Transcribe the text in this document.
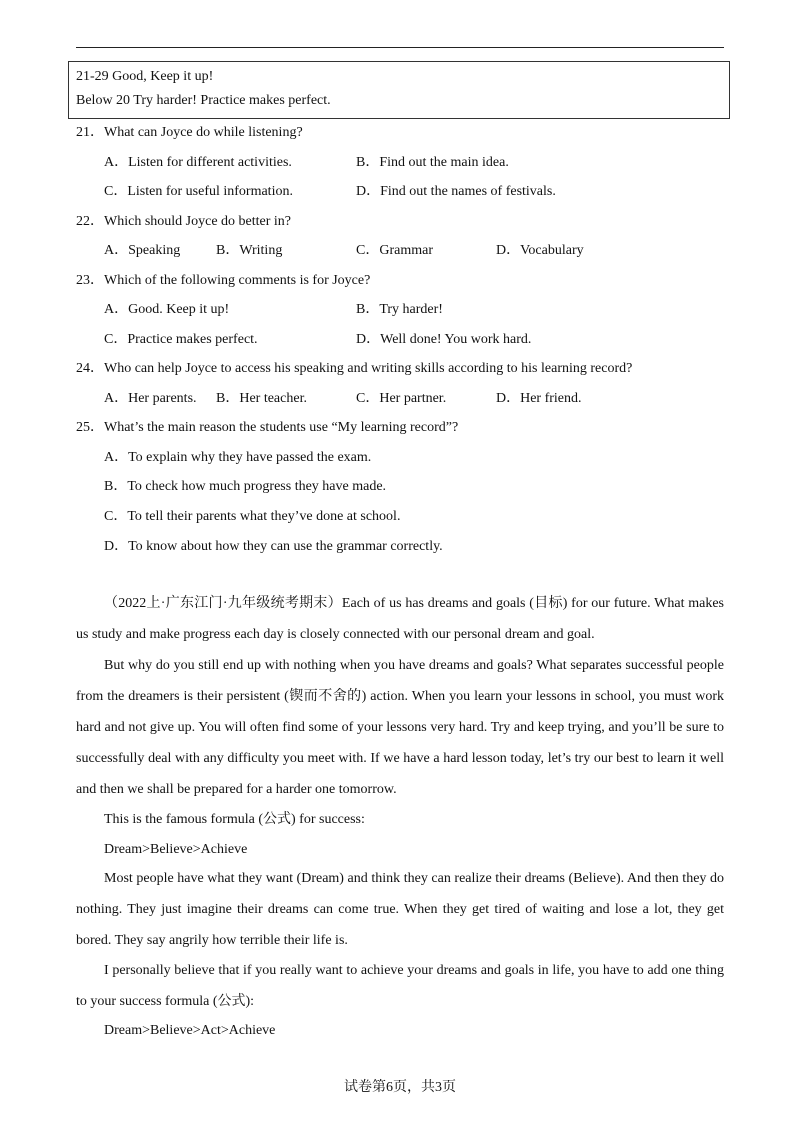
21-29 Good, Keep it up!
Below 20 Try harder! Practice makes perfect.
21．What can Joyce do while listening?
A．Listen for different activities.	B．Find out the main idea.
C．Listen for useful information.	D．Find out the names of festivals.
22．Which should Joyce do better in?
A．Speaking	B．Writing	C．Grammar	D．Vocabulary
23．Which of the following comments is for Joyce?
A．Good. Keep it up!	B．Try harder!
C．Practice makes perfect.	D．Well done! You work hard.
24．Who can help Joyce to access his speaking and writing skills according to his learning record?
A．Her parents. B．Her teacher.	C．Her partner.	D．Her friend.
25．What’s the main reason the students use “My learning record”?
A．To explain why they have passed the exam.
B．To check how much progress they have made.
C．To tell their parents what they’ve done at school.
D．To know about how they can use the grammar correctly.

（2022上·广东江门·九年级统考期末）Each of us has dreams and goals (目标) for our future. What makes us study and make progress each day is closely connected with our personal dream and goal.

But why do you still end up with nothing when you have dreams and goals? What separates successful people from the dreamers is their persistent (锲而不舍的) action. When you learn your lessons in school, you must work hard and not give up. You will often find some of your lessons very hard. Try and keep trying, and you’ll be sure to successfully deal with any difficulty you meet with. If we have a hard lesson today, let’s try our best to learn it well and then we shall be prepared for a harder one tomorrow.

This is the famous formula (公式) for success:
Dream>Believe>Achieve

Most people have what they want (Dream) and think they can realize their dreams (Believe). And then they do nothing. They just imagine their dreams can come true. When they get tired of waiting and lose a lot, they get bored. They say angrily how terrible their life is.

I personally believe that if you really want to achieve your dreams and goals in life, you have to add one thing to your success formula (公式):

Dream>Believe>Act>Achieve
试卷第6页，共3页
